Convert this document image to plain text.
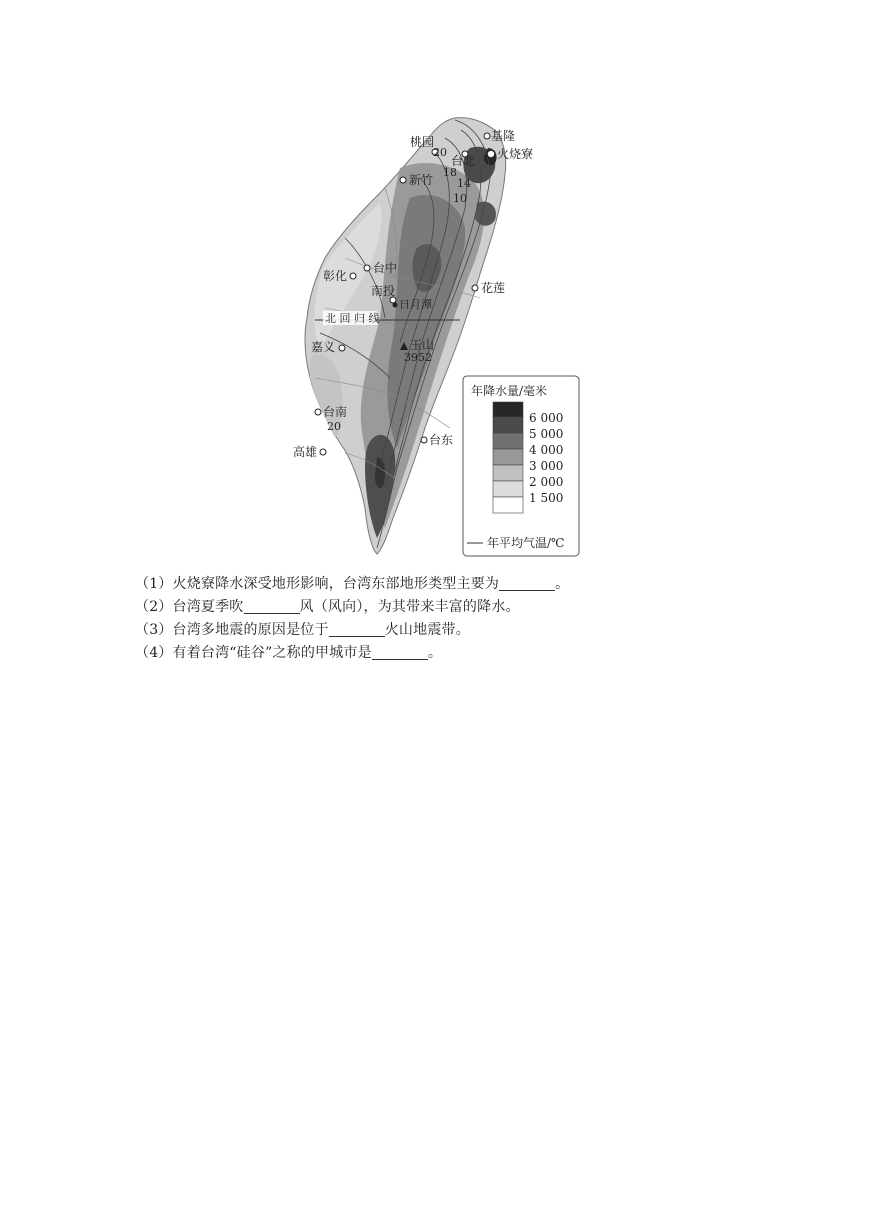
北 回 归 线
桃园	基隆
台北 火烧寮
新竹
台中
彰化
南投
日月潭
花莲
嘉义	玉山
3952
台南
高雄
台东
20
18
14
10
20
年降水量/毫米
6 000
5 000
4 000
3 000
2 000
1 500
年平均气温/℃
（1）火烧寮降水深受地形影响，台湾东部地形类型主要为	。
（2）台湾夏季吹	风（风向），为其带来丰富的降水。
（3）台湾多地震的原因是位于	火山地震带。
（4）有着台湾“硅谷”之称的甲城市是	。
